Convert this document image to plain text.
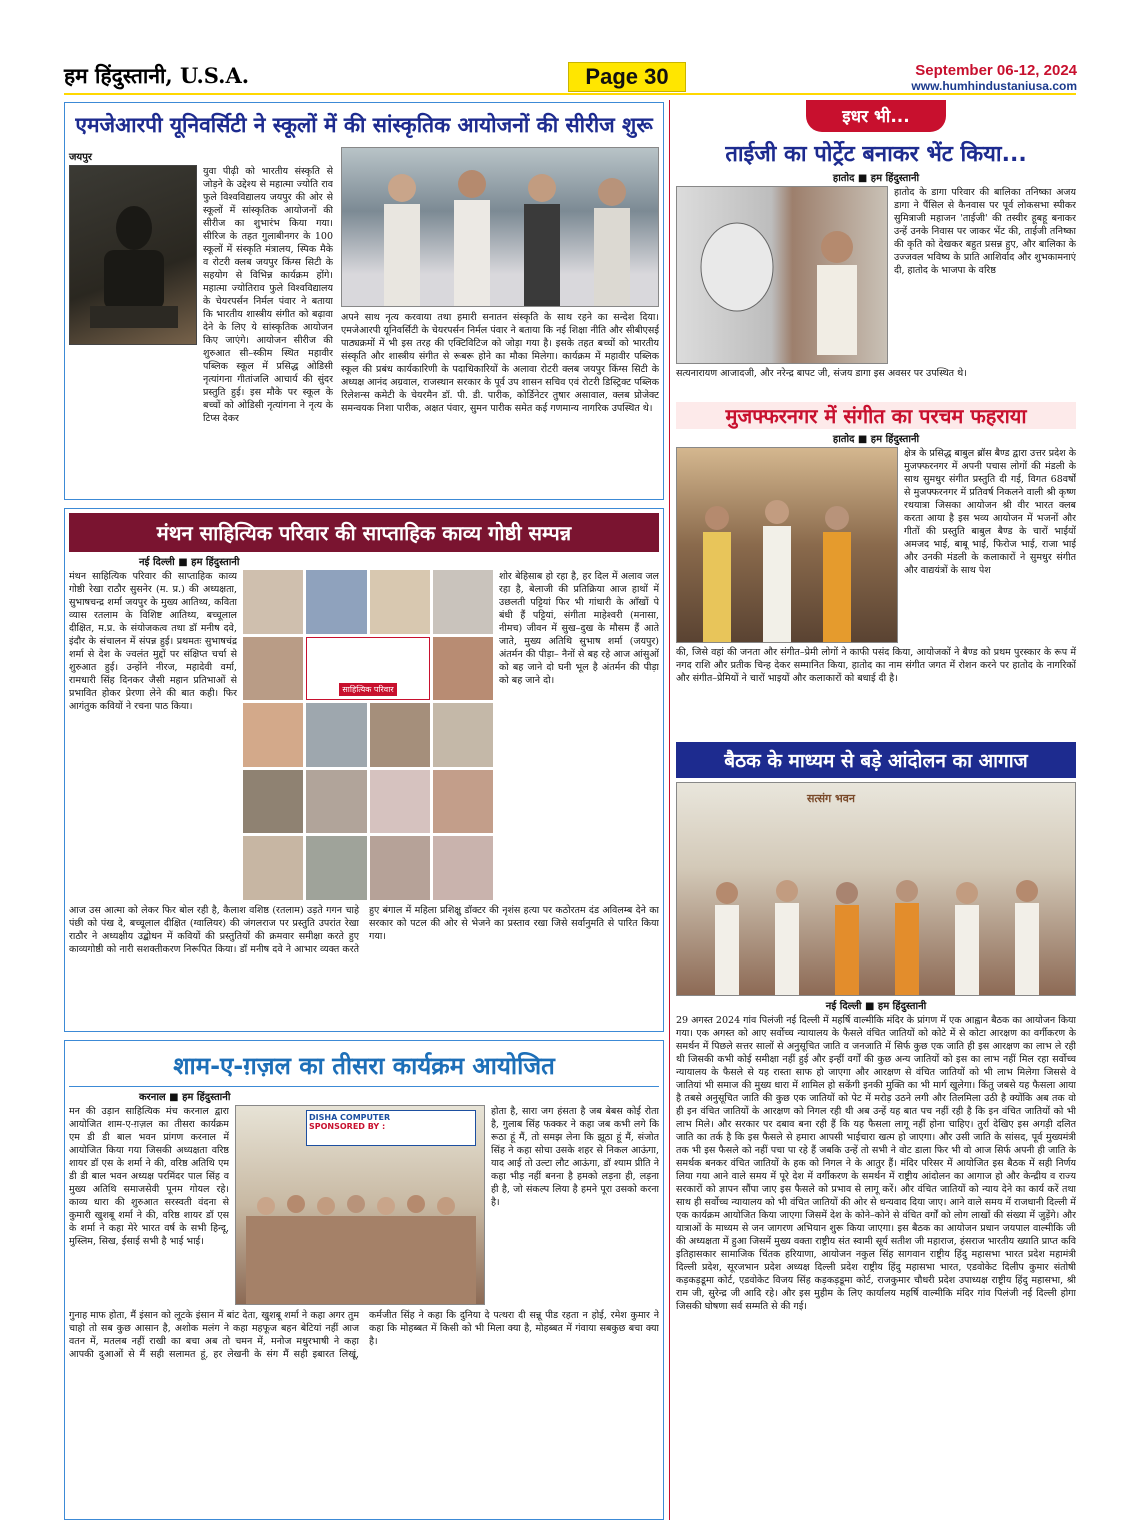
हम हिंदुस्तानी, U.S.A.	Page 30	September 06-12, 2024
www.humhindustaniusa.com
एमजेआरपी यूनिवर्सिटी ने स्कूलों में की सांस्कृतिक आयोजनों की सीरीज शुरू
जयपुर
युवा पीढ़ी को भारतीय संस्कृति से जोड़ने के उद्देश्य से महात्मा ज्योति राव फुले विश्वविद्यालय जयपुर की ओर से स्कूलों में सांस्कृतिक आयोजनों की सीरीज का शुभारंभ किया गया। सीरिज के तहत गुलाबीनगर के 100 स्कूलों में संस्कृति मंत्रालय, स्पिक मैके व रोटरी क्लब जयपुर किंग्स सिटी के सहयोग से विभिन्न कार्यक्रम होंगे। महात्मा ज्योतिराव फुले विश्वविद्यालय के चेयरपर्सन निर्मल पंवार ने बताया कि भारतीय शास्त्रीय संगीत को बढ़ावा देने के लिए ये सांस्कृतिक आयोजन किए जाएंगे। आयोजन सीरीज की शुरुआत सी–स्कीम स्थित महावीर पब्लिक स्कूल में प्रसिद्ध ओडिसी नृत्यांगना गीतांजलि आचार्य की सुंदर प्रस्तुति हुई। इस मौके पर स्कूल के बच्चों को ओडिसी नृत्यांगना ने नृत्य के टिप्स देकर
अपने साथ नृत्य करवाया तथा हमारी सनातन संस्कृति के साथ रहने का सन्देश दिया। एमजेआरपी यूनिवर्सिटी के चेयरपर्सन निर्मल पंवार ने बताया कि नई शिक्षा नीति और सीबीएसई पाठ्यक्रमों में भी इस तरह की एक्टिविटिज को जोड़ा गया है। इसके तहत बच्चों को भारतीय संस्कृति और शास्त्रीय संगीत से रूबरू होने का मौका मिलेगा। कार्यक्रम में महावीर पब्लिक स्कूल की प्रबंध कार्यकारिणी के पदाधिकारियों के अलावा रोटरी क्लब जयपुर किंग्स सिटी के अध्यक्ष आनंद अग्रवाल, राजस्थान सरकार के पूर्व उप शासन सचिव एवं रोटरी डिस्ट्रिक्ट पब्लिक रिलेशन्स कमेटी के चेयरमैन डॉ. पी. डी. पारीक, कोर्डिनेटर तुषार असावाल, क्लब प्रोजेक्ट समन्वयक निशा पारीक, अक्षत पंवार, सुमन पारीक समेत कई गणमान्य नागरिक उपस्थित थे।
मंथन साहित्यिक परिवार की साप्ताहिक काव्य गोष्ठी सम्पन्न
नई दिल्ली ■ हम हिंदुस्तानी
मंथन साहित्यिक परिवार की साप्ताहिक काव्य गोष्ठी रेखा राठौर सुसनेर (म. प्र.) की अध्यक्षता, सुभाषचन्द्र शर्मा जयपुर के मुख्य आतिथ्य, कविता व्यास रतलाम के विशिष्ट आतिथ्य, बच्चूलाल दीक्षित, म.प्र. के संयोजकत्व तथा डॉ मनीष दवे, इंदौर के संचालन में संपन्न हुई। प्रथमतः सुभाषचंद्र शर्मा से देश के ज्वलंत मुद्दों पर संक्षिप्त चर्चा से शुरुआत हुई। उन्होंने नीरज, महादेवी वर्मा, रामधारी सिंह दिनकर जैसी महान प्रतिभाओं से प्रभावित होकर प्रेरणा लेने की बात कही। फिर आगंतुक कवियों ने रचना पाठ किया।
साहित्यिक परिवार
शोर बेहिसाब हो रहा है, हर दिल में अलाव जल रहा है, बेलाजी की प्रतिक्रिया आज हाथों में उछलती पट्टियां फिर भी गांधारी के आँखों पे बंधी हैं पट्टियां, संगीता माहेश्वरी (मनासा, नीमच) जीवन में सुख–दुख के मौसम हैं आते जाते, मुख्य अतिथि सुभाष शर्मा (जयपुर) अंतर्मन की पीड़ा– नैनों से बह रहे आज आंसुओं को बह जाने दो घनी भूल है अंतर्मन की पीड़ा को बह जाने दो।
आज उस आत्मा को लेकर फिर बोल रही है, कैलाश वशिष्ठ (रतलाम) उड़ते गगन चाहे पंछी को पंख दे, बच्चूलाल दीक्षित (ग्वालियर) की जंगलराज पर प्रस्तुति उपरांत रेखा राठौर ने अध्यक्षीय उद्बोधन में कवियों की प्रस्तुतियों की क्रमवार समीक्षा करते हुए काव्यगोष्ठी को नारी सशक्तीकरण निरूपित किया। डॉ मनीष दवे ने आभार व्यक्त करते हुए बंगाल में महिला प्रशिक्षु डॉक्टर की नृशंस हत्या पर कठोरतम दंड अविलम्ब देने का सरकार को पटल की ओर से भेजने का प्रस्ताव रखा जिसे सर्वानुमति से पारित किया गया।
शाम-ए-ग़ज़ल का तीसरा कार्यक्रम आयोजित
करनाल ■ हम हिंदुस्तानी
मन की उड़ान साहित्यिक मंच करनाल द्वारा आयोजित शाम-ए-ग़ज़ल का तीसरा कार्यक्रम एम डी डी बाल भवन प्रांगण करनाल में आयोजित किया गया जिसकी अध्यक्षता वरिष्ठ शायर डॉ एस के शर्मा ने की, वरिष्ठ अतिथि एम डी डी बाल भवन अध्यक्ष परमिंदर पाल सिंह व मुख्य अतिथि समाजसेवी पूनम गोयल रहे। काव्य धारा की शुरुआत सरस्वती वंदना से कुमारी खुशबू शर्मा ने की, वरिष्ठ शायर डॉ एस के शर्मा ने कहा मेरे भारत वर्ष के सभी हिन्दू, मुस्लिम, सिख, ईसाई सभी है भाई भाई।
DISHA COMPUTER
SPONSORED BY :
होता है, सारा जग हंसता है जब बेबस कोई रोता है, गुलाब सिंह फक्कर ने कहा जब कभी लगे कि रूठा हूं मैं, तो समझ लेना कि झूठा हूं मैं, संजोत सिंह ने कहा सोचा उसके शहर से निकल आऊंगा, याद आई तो उल्टा लौट आऊंगा, डॉ श्याम प्रीति ने कहा भीड़ नहीं बनना है हमको लड़ना ही, लड़ना ही है, जो संकल्प लिया है हमने पूरा उसको करना है।
गुनाह माफ होता, मैं इंसान को लूटके इंसान में बांट देता, खुशबू शर्मा ने कहा अगर तुम चाहो तो सब कुछ आसान है, अशोक मलंग ने कहा महफूज बहन बेटियां नहीं आज वतन में, मतलब नहीं राखी का बचा अब तो चमन में, मनोज मधुरभाषी ने कहा आपकी दुआओं से मैं सही सलामत हूं, हर लेखनी के संग मैं सही इबारत लिखूं, कर्मजीत सिंह ने कहा कि दुनिया दे पत्थरा दी सन्नू पीड रहता न होई, रमेश कुमार ने कहा कि मोहब्बत में किसी को भी मिला क्या है, मोहब्बत में गंवाया सबकुछ बचा क्या है।
इधर भी...
ताईजी का पोर्ट्रेट बनाकर भेंट किया...
हातोद ■ हम हिंदुस्तानी
हातोद के डागा परिवार की बालिका तनिष्का अजय डागा ने पैंसिल से कैनवास पर पूर्व लोकसभा स्पीकर सुमित्राजी महाजन 'ताईजी' की तस्वीर हूबहू बनाकर उन्हें उनके निवास पर जाकर भेंट की, ताईजी तनिष्का की कृति को देखकर बहुत प्रसन्न हुए, और बालिका के उज्जवल भविष्य के प्राति आशिर्वाद और शुभकामनाएं दी, हातोद के भाजपा के वरिष्ठ
सत्यनारायण आजादजी, और नरेन्द्र बापट जी, संजय डागा इस अवसर पर उपस्थित थे।
मुजफ्फरनगर में संगीत का परचम फहराया
हातोद ■ हम हिंदुस्तानी
क्षेत्र के प्रसिद्ध बाबुल ब्रॉस बैण्ड द्वारा उत्तर प्रदेश के मुजफ्फरनगर में अपनी पचास लोगों की मंडली के साथ सुमधुर संगीत प्रस्तुति दी गई, विगत 68वर्षों से मुजफ्फरनगर में प्रतिवर्ष निकलने वाली श्री कृष्ण रथयात्रा जिसका आयोजन श्री वीर भारत क्लब करता आया है इस भव्य आयोजन में भजनों और गीतों की प्रस्तुति बाबुल बैण्ड के चारों भाईयों अमजद भाई, बाबू भाई, फिरोज भाई, राजा भाई और उनकी मंडली के कलाकारों ने सुमधुर संगीत और वाद्ययंत्रों के साथ पेश
की, जिसे वहां की जनता और संगीत–प्रेमी लोगों ने काफी पसंद किया, आयोजकों ने बैण्ड को प्रथम पुरस्कार के रूप में नगद राशि और प्रतीक चिन्ह देकर सम्मानित किया, हातोद का नाम संगीत जगत में रोशन करने पर हातोद के नागरिकों और संगीत–प्रेमियों ने चारों भाइयों और कलाकारों को बधाई दी है।
बैठक के माध्यम से बड़े आंदोलन का आगाज
सत्संग भवन
नई दिल्ली ■ हम हिंदुस्तानी
29 अगस्त 2024 गांव पिलंजी नई दिल्ली में महर्षि वाल्मीकि मंदिर के प्रांगण में एक आह्वान बैठक का आयोजन किया गया। एक अगस्त को आए सर्वोच्च न्यायालय के फैसले वंचित जातियों को कोटे में से कोटा आरक्षण का वर्गीकरण के समर्थन में पिछले सत्तर सालों से अनुसूचित जाति व जनजाति में सिर्फ कुछ एक जाति ही इस आरक्षण का लाभ ले रही थी जिसकी कभी कोई समीक्षा नहीं हुई और इन्हीं वर्गों की कुछ अन्य जातियों को इस का लाभ नहीं मिल रहा सर्वोच्च न्यायालय के फैसले से यह रास्ता साफ हो जाएगा और आरक्षण से वंचित जातियों को भी लाभ मिलेगा जिससे वे जातियां भी समाज की मुख्य धारा में शामिल हो सकेंगी इनकी मुक्ति का भी मार्ग खुलेगा। किंतु जबसे यह फैसला आया है तबसे अनुसूचित जाति की कुछ एक जातियों को पेट में मरोड़ उठने लगी और तिलमिला उठी है क्योंकि अब तक वो ही इन वंचित जातियों के आरक्षण को निगल रही थी अब उन्हें यह बात पच नहीं रही है कि इन वंचित जातियों को भी लाभ मिले। और सरकार पर दबाव बना रही हैं कि यह फैसला लागू नहीं होना चाहिए। तुर्रा देखिए इस अगड़ी दलित जाति का तर्क है कि इस फैसले से हमारा आपसी भाईचारा खत्म हो जाएगा। और उसी जाति के सांसद, पूर्व मुख्यमंत्री तक भी इस फैसले को नहीं पचा पा रहे हैं जबकि उन्हें तो सभी ने वोट डाला फिर भी वो आज सिर्फ अपनी ही जाति के समर्थक बनकर वंचित जातियों के हक को निगल ने के आतुर हैं। मंदिर परिसर में आयोजित इस बैठक में सही निर्णय लिया गया आने वाले समय में पूरे देश में वर्गीकरण के समर्थन में राष्ट्रीय आंदोलन का आगाज हो और केन्द्रीय व राज्य सरकारों को ज्ञापन सौंपा जाए इस फैसले को प्रभाव से लागू करें। और वंचित जातियों को न्याय देने का कार्य करें तथा साथ ही सर्वोच्च न्यायालय को भी वंचित जातियों की ओर से धन्यवाद दिया जाए। आने वाले समय में राजधानी दिल्ली में एक कार्यक्रम आयोजित किया जाएगा जिसमें देश के कोने–कोने से वंचित वर्गों को लोग लाखों की संख्या में जुड़ेंगे। और यात्राओं के माध्यम से जन जागरण अभियान शुरू किया जाएगा। इस बैठक का आयोजन प्रधान जयपाल वाल्मीकि जी की अध्यक्षता में हुआ जिसमें मुख्य वक्ता राष्ट्रीय संत स्वामी सूर्य सतीश जी महाराज, हंसराज भारतीय ख्याति प्राप्त कवि इतिहासकार सामाजिक चिंतक हरियाणा, आयोजन नकुल सिंह सागवान राष्ट्रीय हिंदु महासभा भारत प्रदेश महामंत्री दिल्ली प्रदेश, सूरजभान प्रदेश अध्यक्ष दिल्ली प्रदेश राष्ट्रीय हिंदु महासभा भारत, एडवोकेट दिलीप कुमार संतोषी कड़कड़डूमा कोर्ट, एडवोकेट विजय सिंह कड़कड़डूमा कोर्ट, राजकुमार चौधरी प्रदेश उपाध्यक्ष राष्ट्रीय हिंदु महासभा, श्री राम जी, सुरेन्द्र जी आदि रहे। और इस मुहीम के लिए कार्यालय महर्षि वाल्मीकि मंदिर गांव पिलंजी नई दिल्ली होगा जिसकी घोषणा सर्व सम्मति से की गई।
